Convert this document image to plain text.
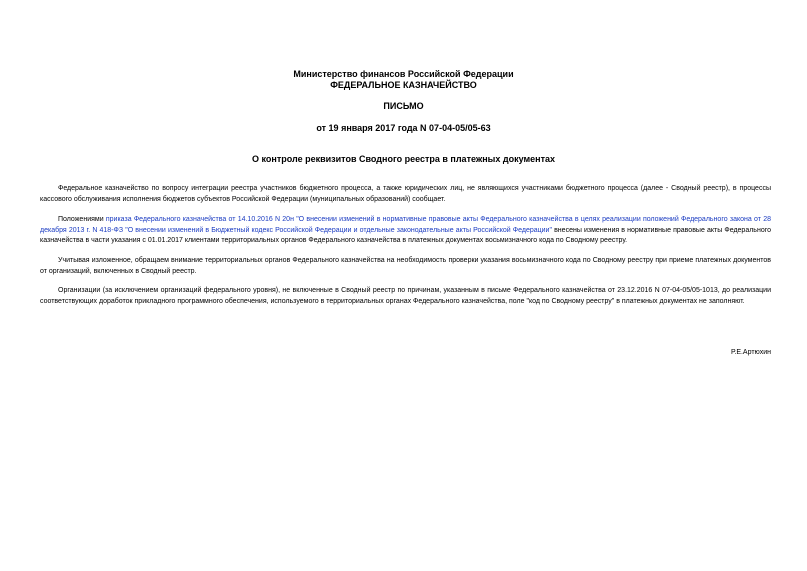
Министерство финансов Российской Федерации
ФЕДЕРАЛЬНОЕ КАЗНАЧЕЙСТВО
ПИСЬМО
от 19 января 2017 года N 07-04-05/05-63
О контроле реквизитов Сводного реестра в платежных документах

Федеральное казначейство по вопросу интеграции реестра участников бюджетного процесса, а также юридических лиц, не являющихся участниками бюджетного процесса (далее - Сводный реестр), в процессы кассового обслуживания исполнения бюджетов субъектов Российской Федерации (муниципальных образований) сообщает.

Положениями приказа Федерального казначейства от 14.10.2016 N 20н "О внесении изменений в нормативные правовые акты Федерального казначейства в целях реализации положений Федерального закона от 28 декабря 2013 г. N 418-ФЗ "О внесении изменений в Бюджетный кодекс Российской Федерации и отдельные законодательные акты Российской Федерации" внесены изменения в нормативные правовые акты Федерального казначейства в части указания с 01.01.2017 клиентами территориальных органов Федерального казначейства в платежных документах восьмизначного кода по Сводному реестру.

Учитывая изложенное, обращаем внимание территориальных органов Федерального казначейства на необходимость проверки указания восьмизначного кода по Сводному реестру при приеме платежных документов от организаций, включенных в Сводный реестр.

Организации (за исключением организаций федерального уровня), не включенные в Сводный реестр по причинам, указанным в письме Федерального казначейства от 23.12.2016 N 07-04-05/05-1013, до реализации соответствующих доработок прикладного программного обеспечения, используемого в территориальных органах Федерального казначейства, поле "код по Сводному реестру" в платежных документах не заполняют.

Р.Е.Артюхин
